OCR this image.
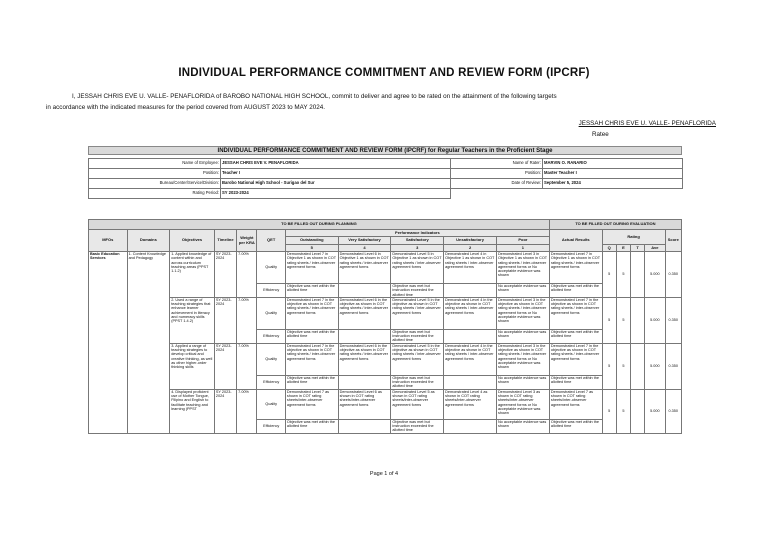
INDIVIDUAL PERFORMANCE COMMITMENT AND REVIEW FORM (IPCRF)
I, JESSAH CHRIS EVE U. VALLE- PENAFLORIDA of BAROBO NATIONAL HIGH SCHOOL, commit to deliver and agree to be rated on the attainment of the following targets
in accordance with the indicated measures for the period covered from AUGUST 2023 to MAY 2024.
JESSAH CHRIS EVE U. VALLE- PENAFLORIDA
Ratee
INDIVIDUAL PERFORMANCE COMMITMENT AND REVIEW FORM (IPCRF) for Regular Teachers in the Proficient Stage
Name of Employee:	JESSAH CHRIS EVE V. PENAFLORIDA	Name of Rater:	MARVIN O. RANARIO
Position:	Teacher I	Position:	Master Teacher I
Bureau/Center/Service/Division:	Barobo National High School - Surigao del Sur	Date of Review:	September 5, 2024
Rating Period:	SY 2023-2024		
TO BE FILLED OUT DURING PLANNING											TO BE FILLED OUT DURING EVALUATION					
MFOs	Domains	Objectives	Timeline	Weight per KRA	QET	Performance Indicators					Actual Results	Rating				Score
						Outstanding	Very Satisfactory	Satisfactory	Unsatisfactory	Poor						
						5	4	3	2	1		Q	E	T	Ave	
Basic Education Services	1. Content Knowledge and Pedagogy	1. Applied knowledge of content within and across curriculum teaching areas (PPST 1.1.2)	SY 2023-2024	7.00%	Quality	Demonstrated Level 7 in Objective 1 as shown in COT rating sheets / inter-observer agreement forms	Demonstrated Level 6 in Objective 1 as shown in COT rating sheets / inter-observer agreement forms	Demonstrated Level 5 in Objective 1 as shown in COT rating sheets / inter-observer agreement forms	Demonstrated Level 4 in Objective 1 as shown in COT rating sheets / inter-observer agreement forms	Demonstrated Level 3 in Objective 1 as shown in COT rating sheets / inter-observer agreement forms or No acceptable evidence was shown	Demonstrated Level 7 in Objective 1 as shown in COT rating sheets / inter-observer agreement forms	5	5		5.000	0.350
					Efficiency	Objective was met within the allotted time		Objective was met but instruction exceeded the allotted time		No acceptable evidence was shown	Objective was met within the allotted time					
		2. Used a range of teaching strategies that enhance learner achievement in literacy and numeracy skills (PPST 1.4.2)	SY 2023-2024	7.00%	Quality	Demonstrated Level 7 in the objective as shown in COT rating sheets / inter-observer agreement forms	Demonstrated Level 6 in the objective as shown in COT rating sheets / inter-observer agreement forms	Demonstrated Level 5 in the objective as shown in COT rating sheets / inter-observer agreement forms	Demonstrated Level 4 in the objective as shown in COT rating sheets / inter-observer agreement forms	Demonstrated Level 3 in the objective as shown in COT rating sheets / inter-observer agreement forms or No acceptable evidence was shown	Demonstrated Level 7 in the objective as shown in COT rating sheets / inter-observer agreement forms	5	5		5.000	0.350
					Efficiency	Objective was met within the allotted time		Objective was met but instruction exceeded the allotted time		No acceptable evidence was shown	Objective was met within the allotted time					
		3. Applied a range of teaching strategies to develop critical and creative thinking, as well as other higher-order thinking skills	SY 2023-2024	7.00%	Quality	Demonstrated Level 7 in the objective as shown in COT rating sheets / inter-observer agreement forms	Demonstrated Level 6 in the objective as shown in COT rating sheets / inter-observer agreement forms	Demonstrated Level 5 in the objective as shown in COT rating sheets / inter-observer agreement forms	Demonstrated Level 4 in the objective as shown in COT rating sheets / inter-observer agreement forms	Demonstrated Level 3 in the objective as shown in COT rating sheets / inter-observer agreement forms or No acceptable evidence was shown	Demonstrated Level 7 in the objective as shown in COT rating sheets / inter-observer agreement forms	5	5		5.000	0.350
					Efficiency	Objective was met within the allotted time		Objective was met but instruction exceeded the allotted time		No acceptable evidence was shown	Objective was met within the allotted time					
		4. Displayed proficient use of Mother Tongue, Filipino and English to facilitate teaching and learning (PPST	SY 2023-2024	7.00%	Quality	Demonstrated Level 7 as shown in COT rating sheets/inter-observer agreement forms	Demonstrated Level 6 as shown in COT rating sheets/inter-observer agreement forms	Demonstrated Level 5 as shown in COT rating sheets/inter-observer agreement forms	Demonstrated Level 4 as shown in COT rating sheets/inter-observer agreement forms	Demonstrated Level 3 as shown in COT rating sheets/inter-observer agreement forms or No acceptable evidence was shown	Demonstrated Level 7 as shown in COT rating sheets/inter-observer agreement forms	5	5		5.000	0.350
					Efficiency	Objective was met within the allotted time		Objective was met but instruction exceeded the allotted time		No acceptable evidence was shown	Objective was met within the allotted time					
Page 1 of 4
